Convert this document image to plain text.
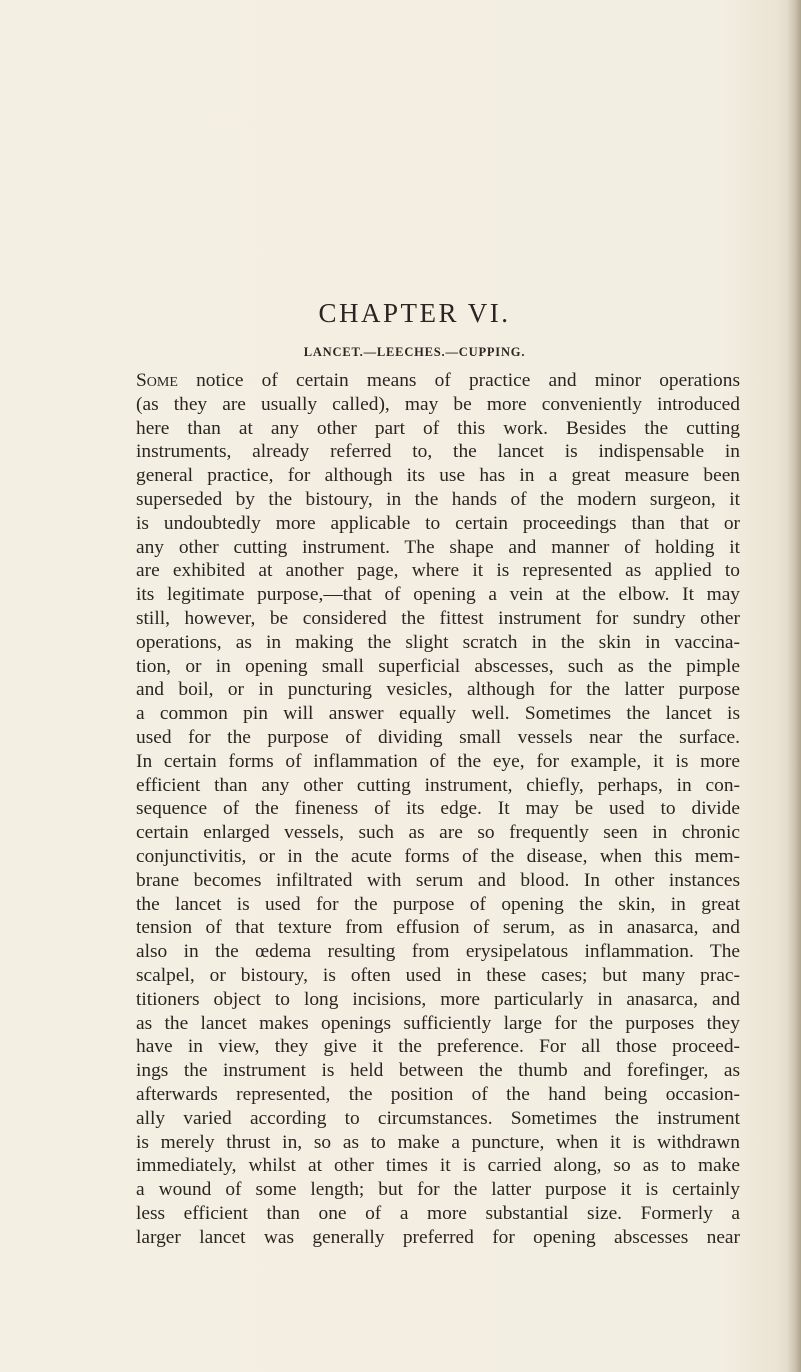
CHAPTER VI.
LANCET.—LEECHES.—CUPPING.
Some notice of certain means of practice and minor operations
(as they are usually called), may be more conveniently introduced
here than at any other part of this work. Besides the cutting
instruments, already referred to, the lancet is indispensable in
general practice, for although its use has in a great measure been
superseded by the bistoury, in the hands of the modern surgeon, it
is undoubtedly more applicable to certain proceedings than that or
any other cutting instrument. The shape and manner of holding it
are exhibited at another page, where it is represented as applied to
its legitimate purpose,—that of opening a vein at the elbow. It may
still, however, be considered the fittest instrument for sundry other
operations, as in making the slight scratch in the skin in vaccina-
tion, or in opening small superficial abscesses, such as the pimple
and boil, or in puncturing vesicles, although for the latter purpose
a common pin will answer equally well. Sometimes the lancet is
used for the purpose of dividing small vessels near the surface.
In certain forms of inflammation of the eye, for example, it is more
efficient than any other cutting instrument, chiefly, perhaps, in con-
sequence of the fineness of its edge. It may be used to divide
certain enlarged vessels, such as are so frequently seen in chronic
conjunctivitis, or in the acute forms of the disease, when this mem-
brane becomes infiltrated with serum and blood. In other instances
the lancet is used for the purpose of opening the skin, in great
tension of that texture from effusion of serum, as in anasarca, and
also in the œdema resulting from erysipelatous inflammation. The
scalpel, or bistoury, is often used in these cases; but many prac-
titioners object to long incisions, more particularly in anasarca, and
as the lancet makes openings sufficiently large for the purposes they
have in view, they give it the preference. For all those proceed-
ings the instrument is held between the thumb and forefinger, as
afterwards represented, the position of the hand being occasion-
ally varied according to circumstances. Sometimes the instrument
is merely thrust in, so as to make a puncture, when it is withdrawn
immediately, whilst at other times it is carried along, so as to make
a wound of some length; but for the latter purpose it is certainly
less efficient than one of a more substantial size. Formerly a
larger lancet was generally preferred for opening abscesses near
